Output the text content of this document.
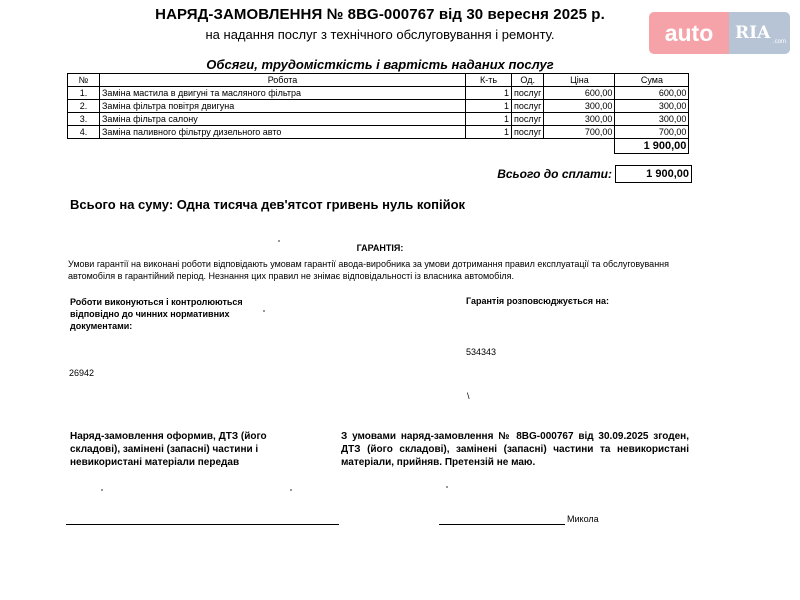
НАРЯД-ЗАМОВЛЕННЯ № 8BG-000767 від 30 вересня 2025 р.
на надання послуг з технічного обслуговування і ремонту.	auto	RIA .com
Обсяги, трудомісткість і вартість наданих послуг
№	Робота	К-ть	Од.	Ціна	Сума
1.	Заміна мастила в двигуні та масляного фільтра	1	послуг	600,00	600,00
2.	Заміна фільтра повітря двигуна	1	послуг	300,00	300,00
3.	Заміна фільтра салону	1	послуг	300,00	300,00
4.	Заміна паливного фільтру дизельного авто	1	послуг	700,00	700,00
					1 900,00
Всього до сплати:	1 900,00
Всього на суму: Одна тисяча дев'ятсот гривень нуль копійок
ГАРАНТІЯ:
Умови гарантії на виконані роботи відповідають умовам гарантії авода-виробника за умови дотримання правил експлуатації та обслуговування автомобіля в гарантійний період. Незнання цих правил не знімає відповідальності із власника автомобіля.
Роботи виконуються і контролюються відповідно до чинних нормативних документами:
Гарантія розповсюджується на:
534343
26942
\
Наряд-замовлення оформив, ДТЗ (його складові), замінені (запасні) частини і невикористані матеріали передав
З умовами наряд-замовлення № 8BG-000767 від 30.09.2025 згоден, ДТЗ (його складові), замінені (запасні) частини та невикористані матеріали, прийняв. Претензій не маю.
Микола
